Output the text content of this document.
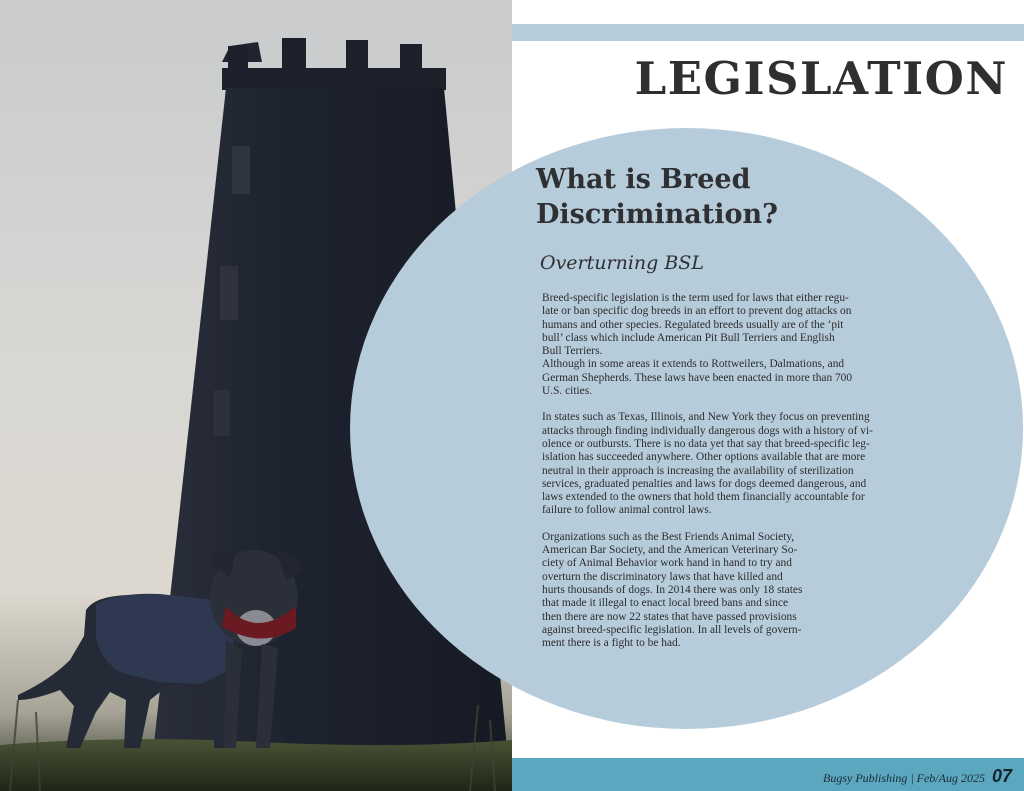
LEGISLATION
What is Breed
Discrimination?
Overturning BSL

Breed-specific legislation is the term used for laws that either regu-
late or ban specific dog breeds in an effort to prevent dog attacks on
humans and other species. Regulated breeds usually are of the ‘pit
bull’ class which include American Pit Bull Terriers and English
Bull Terriers.
Although in some areas it extends to Rottweilers, Dalmations, and
German Shepherds. These laws have been enacted in more than 700
U.S. cities.

In states such as Texas, Illinois, and New York they focus on preventing
attacks through finding individually dangerous dogs with a history of vi-
olence or outbursts. There is no data yet that say that breed-specific leg-
islation has succeeded anywhere. Other options available that are more
neutral in their approach is increasing the availability of sterilization
services, graduated penalties and laws for dogs deemed dangerous, and
laws extended to the owners that hold them financially accountable for
failure to follow animal control laws.

Organizations such as the Best Friends Animal Society,
American Bar Society, and the American Veterinary So-
ciety of Animal Behavior work hand in hand to try and
overturn the discriminatory laws that have killed and
hurts thousands of dogs. In 2014 there was only 18 states
that made it illegal to enact local breed bans and since
then there are now 22 states that have passed provisions
against breed-specific legislation. In all levels of govern-
ment there is a fight to be had.

Bugsy Publishing | Feb/Aug 2025 07
